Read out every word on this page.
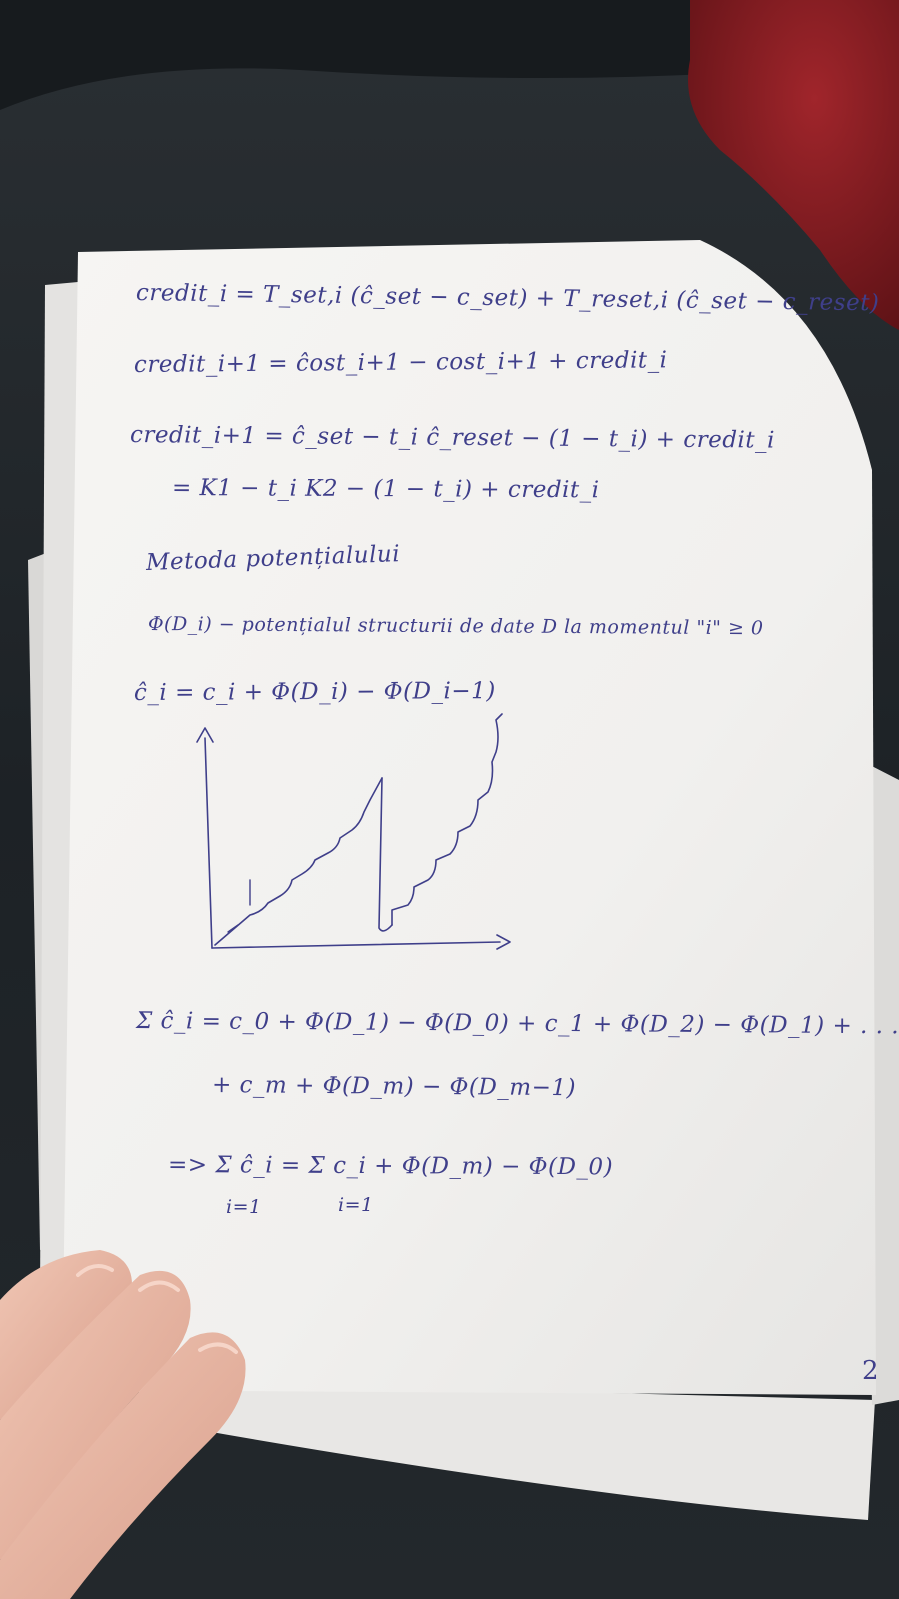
credit_i = T_set,i (ĉ_set − c_set) + T_reset,i (ĉ_set − c_reset)
credit_i+1 = ĉost_i+1 − cost_i+1 + credit_i
credit_i+1 = ĉ_set − t_i ĉ_reset − (1 − t_i) + credit_i
= K1 − t_i K2 − (1 − t_i) + credit_i
Metoda potențialului
Φ(D_i) − potențialul structurii de date D la momentul "i" ≥ 0
ĉ_i = c_i + Φ(D_i) − Φ(D_i−1)
Σ ĉ_i = c_0 + Φ(D_1) − Φ(D_0) + c_1 + Φ(D_2) − Φ(D_1) + . . .
+ c_m + Φ(D_m) − Φ(D_m−1)
=> Σ ĉ_i = Σ c_i + Φ(D_m) − Φ(D_0)
i=1	i=1
2
